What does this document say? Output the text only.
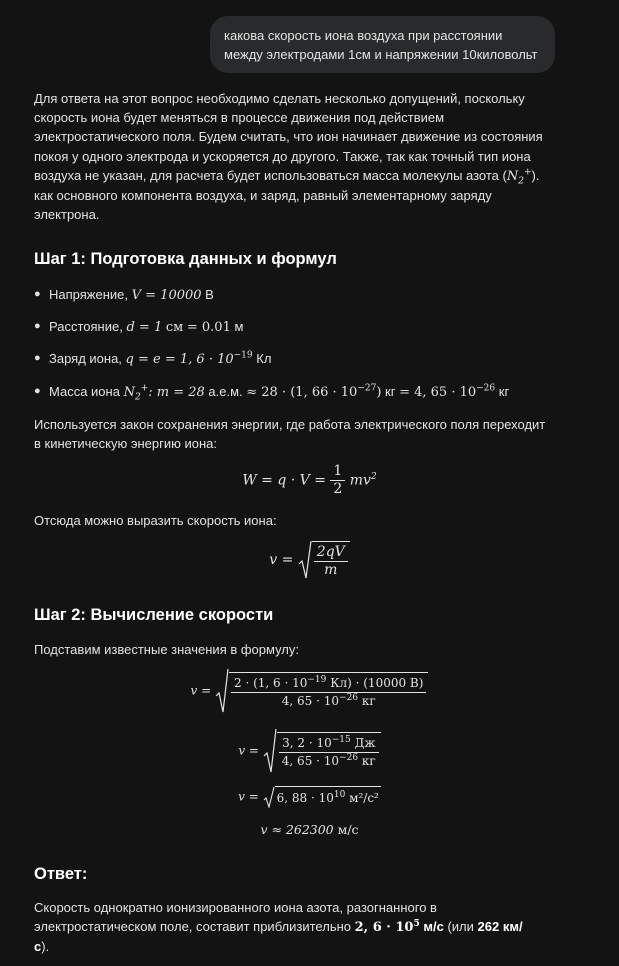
какова скорость иона воздуха при расстоянии
между электродами 1см и напряжении 10киловольт
Для ответа на этот вопрос необходимо сделать несколько допущений, поскольку
скорость иона будет меняться в процессе движения под действием
электростатического поля. Будем считать, что ион начинает движение из состояния
покоя у одного электрода и ускоряется до другого. Также, так как точный тип иона
воздуха не указан, для расчета будет использоваться масса молекулы азота $(N_2^+)$.
как основного компонента воздуха, и заряд, равный элементарному заряду
электрона.
Шаг 1: Подготовка данных и формул
● Напряжение, V = 10000 В
● Расстояние, d = 1 см = 0.01 м
● Заряд иона, q = e = 1, $6 \cdot 10^{-19}$ Кл
● Масса иона $N_2^+$: m = 28 а.е.м. ≈ 28 · (1, $66 \cdot 10^{-27}$) кг = 4, $65 \cdot 10^{-26}$ кг
Используется закон сохранения энергии, где работа электрического поля переходит
в кинетическую энергию иона:
$W = q \cdot V = \frac{1}{2} mv^2$
Отсюда можно выразить скорость иона:
$v = \frac{2qV}{m}$
Шаг 2: Вычисление скорости
Подставим известные значения в формулу:
$v = \frac{2 \cdot (1, 6 \cdot 10^{-19} Кл) \cdot (10000 В)}{4, 65 \cdot 10^{-26} кг}$
$v = \frac{3, 2 \cdot 10^{-15} Дж}{4, 65 \cdot 10^{-26} кг}$
v = 6, $88 \cdot 10^{10}$ м²/с²
v ≈ 262300 м/с
Ответ:
Скорость однократно ионизированного иона азота, разогнанного в
электростатическом поле, составит приблизительно 2, $6 \cdot 10^5$ м/с (или 262 км/
с).
